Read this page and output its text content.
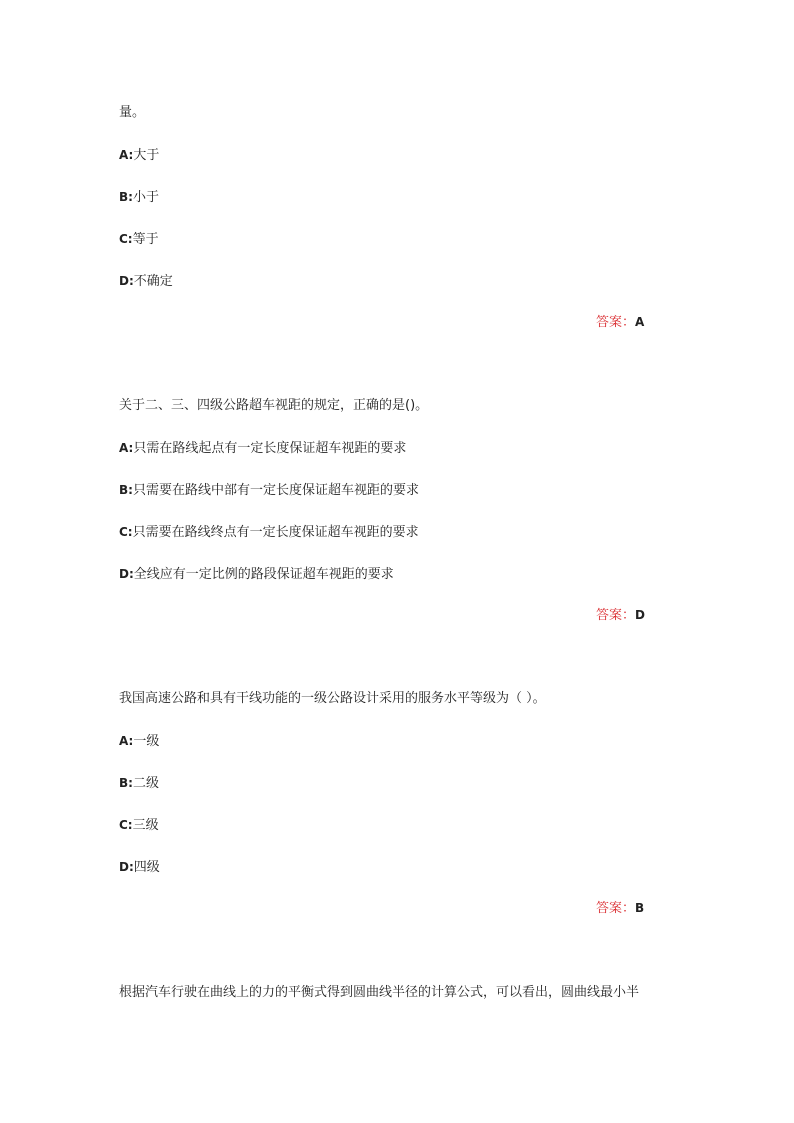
量。
A:大于
B:小于
C:等于
D:不确定
答案：A
关于二、三、四级公路超车视距的规定，正确的是()。
A:只需在路线起点有一定长度保证超车视距的要求
B:只需要在路线中部有一定长度保证超车视距的要求
C:只需要在路线终点有一定长度保证超车视距的要求
D:全线应有一定比例的路段保证超车视距的要求
答案：D
我国高速公路和具有干线功能的一级公路设计采用的服务水平等级为（ ）。
A:一级
B:二级
C:三级
D:四级
答案：B
根据汽车行驶在曲线上的力的平衡式得到圆曲线半径的计算公式，可以看出，圆曲线最小半
